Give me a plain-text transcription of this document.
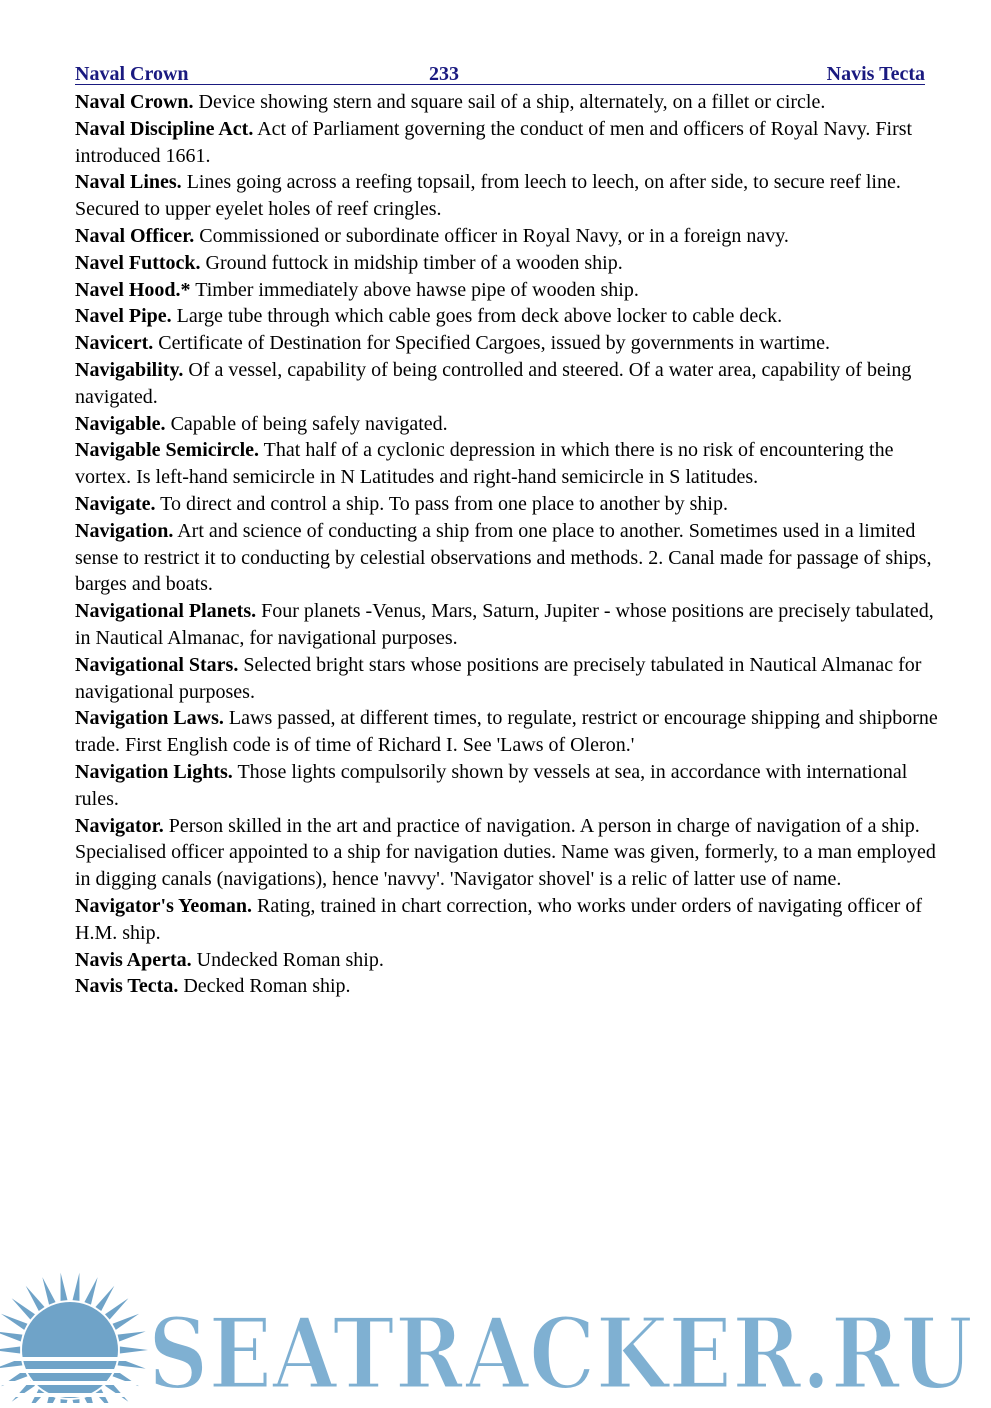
Naval Crown	233	Navis Tecta

Naval Crown. Device showing stern and square sail of a ship, alternately, on a fillet or circle.

Naval Discipline Act. Act of Parliament governing the conduct of men and officers of Royal Navy. First introduced 1661.

Naval Lines. Lines going across a reefing topsail, from leech to leech, on after side, to secure reef line. Secured to upper eyelet holes of reef cringles.

Naval Officer. Commissioned or subordinate officer in Royal Navy, or in a foreign navy.

Navel Futtock. Ground futtock in midship timber of a wooden ship.

Navel Hood.* Timber immediately above hawse pipe of wooden ship.

Navel Pipe. Large tube through which cable goes from deck above locker to cable deck.

Navicert. Certificate of Destination for Specified Cargoes, issued by governments in wartime.

Navigability. Of a vessel, capability of being controlled and steered. Of a water area, capability of being navigated.

Navigable. Capable of being safely navigated.

Navigable Semicircle. That half of a cyclonic depression in which there is no risk of encountering the vortex. Is left-hand semicircle in N Latitudes and right-hand semicircle in S latitudes.

Navigate. To direct and control a ship. To pass from one place to another by ship.

Navigation. Art and science of conducting a ship from one place to another. Sometimes used in a limited sense to restrict it to conducting by celestial observations and methods. 2. Canal made for passage of ships, barges and boats.

Navigational Planets. Four planets -Venus, Mars, Saturn, Jupiter - whose positions are precisely tabulated, in Nautical Almanac, for navigational purposes.

Navigational Stars. Selected bright stars whose positions are precisely tabulated in Nautical Almanac for navigational purposes.

Navigation Laws. Laws passed, at different times, to regulate, restrict or encourage shipping and shipborne trade. First English code is of time of Richard I. See 'Laws of Oleron.'

Navigation Lights. Those lights compulsorily shown by vessels at sea, in accordance with international rules.

Navigator. Person skilled in the art and practice of navigation. A person in charge of navigation of a ship. Specialised officer appointed to a ship for navigation duties. Name was given, formerly, to a man employed in digging canals (navigations), hence 'navvy'. 'Navigator shovel' is a relic of latter use of name.

Navigator's Yeoman. Rating, trained in chart correction, who works under orders of navigating officer of H.M. ship.

Navis Aperta. Undecked Roman ship.

Navis Tecta. Decked Roman ship.

SEATRACKER.RU
